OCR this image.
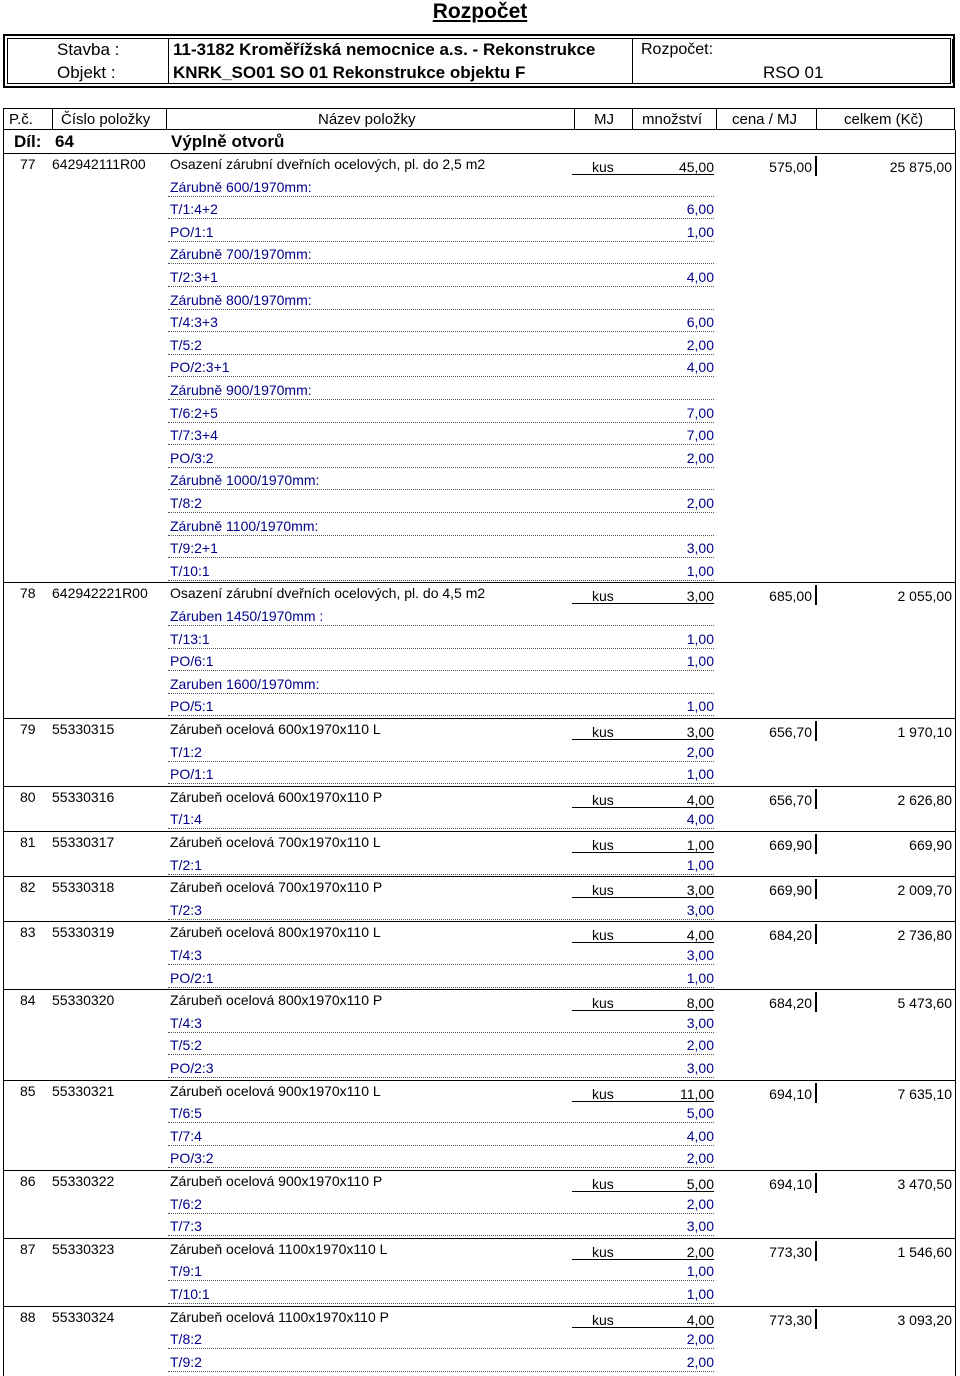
Rozpočet
Stavba :	11-3182 Kroměřížská nemocnice a.s. - Rekonstrukce
Objekt :	KNRK_SO01 SO 01 Rekonstrukce objektu F
Rozpočet:
RSO 01
P.č. Číslo položky	Název položky	MJ množství cena / MJ	celkem (Kč)
Díl: 64	Výplně otvorů
77 642942111R00 Osazení zárubní dveřních ocelových, pl. do 2,5 m2	kus	45,00	575,00	25 875,00
Zárubně 600/1970mm:
T/1:4+2	6,00
PO/1:1	1,00
Zárubně 700/1970mm:
T/2:3+1	4,00
Zárubně 800/1970mm:
T/4:3+3	6,00
T/5:2	2,00
PO/2:3+1	4,00
Zárubně 900/1970mm:
T/6:2+5	7,00
T/7:3+4	7,00
PO/3:2	2,00
Zárubně 1000/1970mm:
T/8:2	2,00
Zárubně 1100/1970mm:
T/9:2+1	3,00
T/10:1	1,00
78 642942221R00 Osazení zárubní dveřních ocelových, pl. do 4,5 m2	kus	3,00	685,00	2 055,00
Záruben 1450/1970mm :
T/13:1	1,00
PO/6:1	1,00
Zaruben 1600/1970mm:
PO/5:1	1,00
79 55330315	Zárubeň ocelová 600x1970x110 L	kus	3,00	656,70	1 970,10
T/1:2	2,00
PO/1:1	1,00
80 55330316	Zárubeň ocelová 600x1970x110 P	kus	4,00	656,70	2 626,80
T/1:4	4,00
81 55330317	Zárubeň ocelová 700x1970x110 L	kus	1,00	669,90	669,90
T/2:1	1,00
82 55330318	Zárubeň ocelová 700x1970x110 P	kus	3,00	669,90	2 009,70
T/2:3	3,00
83 55330319	Zárubeň ocelová 800x1970x110 L	kus	4,00	684,20	2 736,80
T/4:3	3,00
PO/2:1	1,00
84 55330320	Zárubeň ocelová 800x1970x110 P	kus	8,00	684,20	5 473,60
T/4:3	3,00
T/5:2	2,00
PO/2:3	3,00
85 55330321	Zárubeň ocelová 900x1970x110 L	kus	11,00	694,10	7 635,10
T/6:5	5,00
T/7:4	4,00
PO/3:2	2,00
86 55330322	Zárubeň ocelová 900x1970x110 P	kus	5,00	694,10	3 470,50
T/6:2	2,00
T/7:3	3,00
87 55330323	Zárubeň ocelová 1100x1970x110 L	kus	2,00	773,30	1 546,60
T/9:1	1,00
T/10:1	1,00
88 55330324	Zárubeň ocelová 1100x1970x110 P	kus	4,00	773,30	3 093,20
T/8:2	2,00
T/9:2	2,00
